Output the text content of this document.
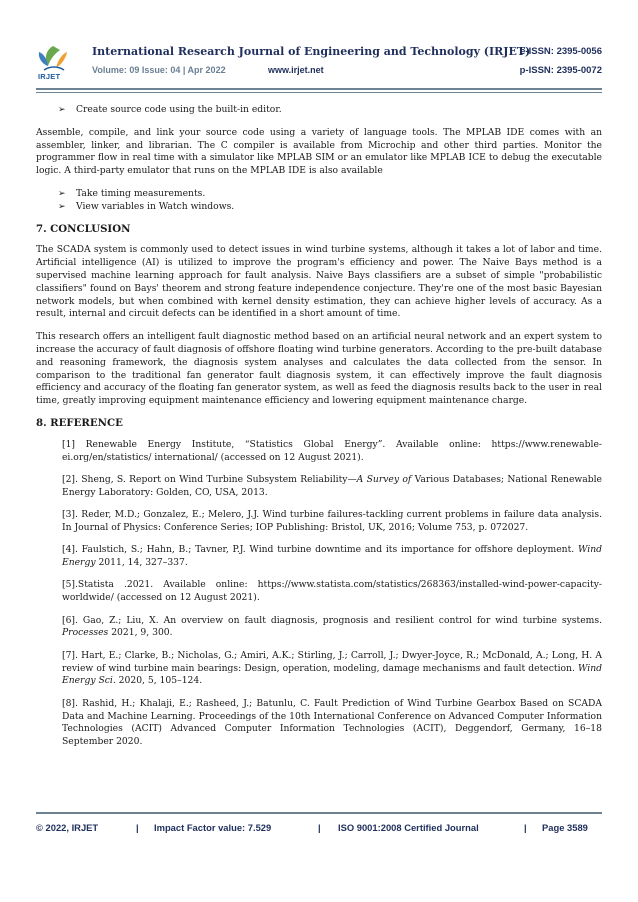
IRJET
International Research Journal of Engineering and Technology (IRJET)
e-ISSN: 2395-0056
Volume: 09 Issue: 04 | Apr 2022	www.irjet.net	p-ISSN: 2395-0072

➢ Create source code using the built-in editor.

Assemble, compile, and link your source code using a variety of language tools. The MPLAB IDE comes with an assembler, linker, and librarian. The C compiler is available from Microchip and other third parties. Monitor the programmer flow in real time with a simulator like MPLAB SIM or an emulator like MPLAB ICE to debug the executable logic. A third-party emulator that runs on the MPLAB IDE is also available

➢ Take timing measurements.

➢ View variables in Watch windows.

7. CONCLUSION

The SCADA system is commonly used to detect issues in wind turbine systems, although it takes a lot of labor and time. Artificial intelligence (AI) is utilized to improve the program's efficiency and power. The Naive Bays method is a supervised machine learning approach for fault analysis. Naive Bays classifiers are a subset of simple "probabilistic classifiers" found on Bays' theorem and strong feature independence conjecture. They're one of the most basic Bayesian network models, but when combined with kernel density estimation, they can achieve higher levels of accuracy. As a result, internal and circuit defects can be identified in a short amount of time.

This research offers an intelligent fault diagnostic method based on an artificial neural network and an expert system to increase the accuracy of fault diagnosis of offshore floating wind turbine generators. According to the pre-built database and reasoning framework, the diagnosis system analyses and calculates the data collected from the sensor. In comparison to the traditional fan generator fault diagnosis system, it can effectively improve the fault diagnosis efficiency and accuracy of the floating fan generator system, as well as feed the diagnosis results back to the user in real time, greatly improving equipment maintenance efficiency and lowering equipment maintenance charge.

8. REFERENCE

[1] Renewable Energy Institute, “Statistics Global Energy”. Available online: https://www.renewable-ei.org/en/statistics/ international/ (accessed on 12 August 2021).

[2]. Sheng, S. Report on Wind Turbine Subsystem Reliability—A Survey of Various Databases; National Renewable Energy Laboratory: Golden, CO, USA, 2013.

[3]. Reder, M.D.; Gonzalez, E.; Melero, J.J. Wind turbine failures-tackling current problems in failure data analysis. In Journal of Physics: Conference Series; IOP Publishing: Bristol, UK, 2016; Volume 753, p. 072027.

[4]. Faulstich, S.; Hahn, B.; Tavner, P.J. Wind turbine downtime and its importance for offshore deployment. Wind Energy 2011, 14, 327–337.

[5].Statista .2021. Available online: https://www.statista.com/statistics/268363/installed-wind-power-capacity-worldwide/ (accessed on 12 August 2021).

[6]. Gao, Z.; Liu, X. An overview on fault diagnosis, prognosis and resilient control for wind turbine systems. Processes 2021, 9, 300.

[7]. Hart, E.; Clarke, B.; Nicholas, G.; Amiri, A.K.; Stirling, J.; Carroll, J.; Dwyer-Joyce, R.; McDonald, A.; Long, H. A review of wind turbine main bearings: Design, operation, modeling, damage mechanisms and fault detection. Wind Energy Sci. 2020, 5, 105–124.

[8]. Rashid, H.; Khalaji, E.; Rasheed, J.; Batunlu, C. Fault Prediction of Wind Turbine Gearbox Based on SCADA Data and Machine Learning. Proceedings of the 10th International Conference on Advanced Computer Information Technologies (ACIT) Advanced Computer Information Technologies (ACIT), Deggendorf, Germany, 16–18 September 2020.

© 2022, IRJET	| Impact Factor value: 7.529	| ISO 9001:2008 Certified Journal	| Page 3589
